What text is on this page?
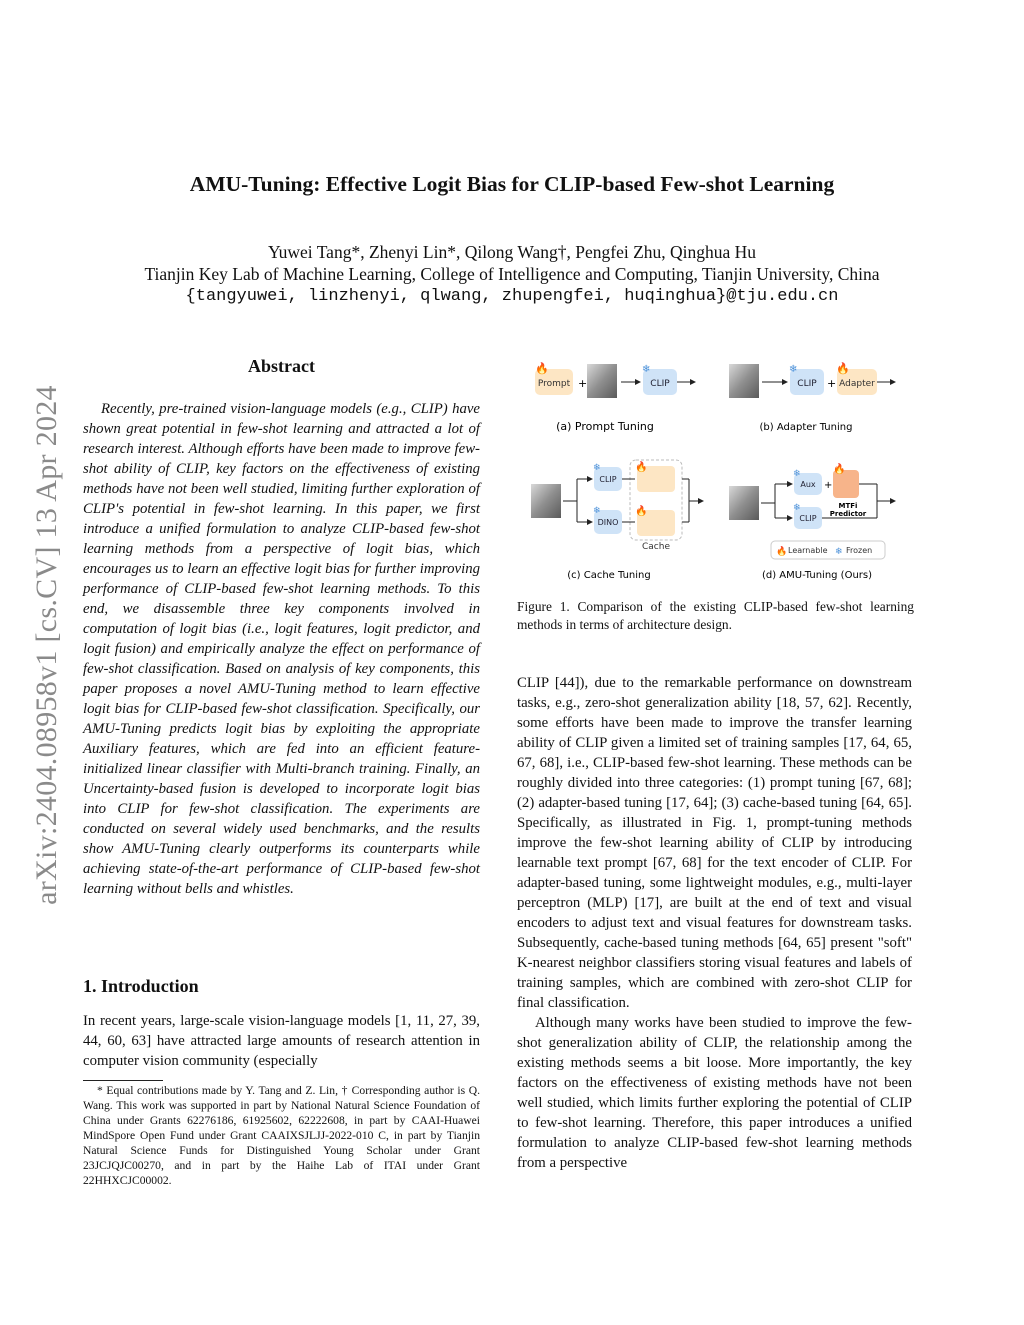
arXiv:2404.08958v1 [cs.CV] 13 Apr 2024
AMU-Tuning: Effective Logit Bias for CLIP-based Few-shot Learning
Yuwei Tang*, Zhenyi Lin*, Qilong Wang†, Pengfei Zhu, Qinghua Hu
Tianjin Key Lab of Machine Learning, College of Intelligence and Computing, Tianjin University, China
{tangyuwei, linzhenyi, qlwang, zhupengfei, huqinghua}@tju.edu.cn
Abstract

Recently, pre-trained vision-language models (e.g., CLIP) have shown great potential in few-shot learning and attracted a lot of research interest. Although efforts have been made to improve few-shot ability of CLIP, key factors on the effectiveness of existing methods have not been well studied, limiting further exploration of CLIP's potential in few-shot learning. In this paper, we first introduce a unified formulation to analyze CLIP-based few-shot learning methods from a perspective of logit bias, which encourages us to learn an effective logit bias for further improving performance of CLIP-based few-shot learning methods. To this end, we disassemble three key components involved in computation of logit bias (i.e., logit features, logit predictor, and logit fusion) and empirically analyze the effect on performance of few-shot classification. Based on analysis of key components, this paper proposes a novel AMU-Tuning method to learn effective logit bias for CLIP-based few-shot classification. Specifically, our AMU-Tuning predicts logit bias by exploiting the appropriate Auxiliary features, which are fed into an efficient feature-initialized linear classifier with Multi-branch training. Finally, an Uncertainty-based fusion is developed to incorporate logit bias into CLIP for few-shot classification. The experiments are conducted on several widely used benchmarks, and the results show AMU-Tuning clearly outperforms its counterparts while achieving state-of-the-art performance of CLIP-based few-shot learning without bells and whistles.

1. Introduction

In recent years, large-scale vision-language models [1, 11, 27, 39, 44, 60, 63] have attracted large amounts of research attention in computer vision community (especially

* Equal contributions made by Y. Tang and Z. Lin, † Corresponding author is Q. Wang. This work was supported in part by National Natural Science Foundation of China under Grants 62276186, 61925602, 62222608, in part by CAAI-Huawei MindSpore Open Fund under Grant CAAIXSJLJJ-2022-010 C, in part by Tianjin Natural Science Funds for Distinguished Young Scholar under Grant 23JCJQJC00270, and in part by the Haihe Lab of ITAI under Grant 22HHXCJC00002.
Prompt
🔥
+	CLIP
❄
CLIP
❄
+ Adapter
🔥
(a) Prompt Tuning	(b) Adapter Tuning
CLIP
❄
DINO
❄
🔥
🔥
Cache
Aux
❄
CLIP
❄
+
🔥
MTFi
Predictor
🔥 Learnable ❄ Frozen
(c) Cache Tuning	(d) AMU-Tuning (Ours)
Figure 1. Comparison of the existing CLIP-based few-shot learning methods in terms of architecture design.

CLIP [44]), due to the remarkable performance on downstream tasks, e.g., zero-shot generalization ability [18, 57, 62]. Recently, some efforts have been made to improve the transfer learning ability of CLIP given a limited set of training samples [17, 64, 65, 67, 68], i.e., CLIP-based few-shot learning. These methods can be roughly divided into three categories: (1) prompt tuning [67, 68]; (2) adapter-based tuning [17, 64]; (3) cache-based tuning [64, 65]. Specifically, as illustrated in Fig. 1, prompt-tuning methods improve the few-shot learning ability of CLIP by introducing learnable text prompt [67, 68] for the text encoder of CLIP. For adapter-based tuning, some lightweight modules, e.g., multi-layer perceptron (MLP) [17], are built at the end of text and visual encoders to adjust text and visual features for downstream tasks. Subsequently, cache-based tuning methods [64, 65] present "soft" K-nearest neighbor classifiers storing visual features and labels of training samples, which are combined with zero-shot CLIP for final classification.

Although many works have been studied to improve the few-shot generalization ability of CLIP, the relationship among the existing methods seems a bit loose. More importantly, the key factors on the effectiveness of existing methods have not been well studied, which limits further exploring the potential of CLIP to few-shot learning. Therefore, this paper introduces a unified formulation to analyze CLIP-based few-shot learning methods from a perspective
